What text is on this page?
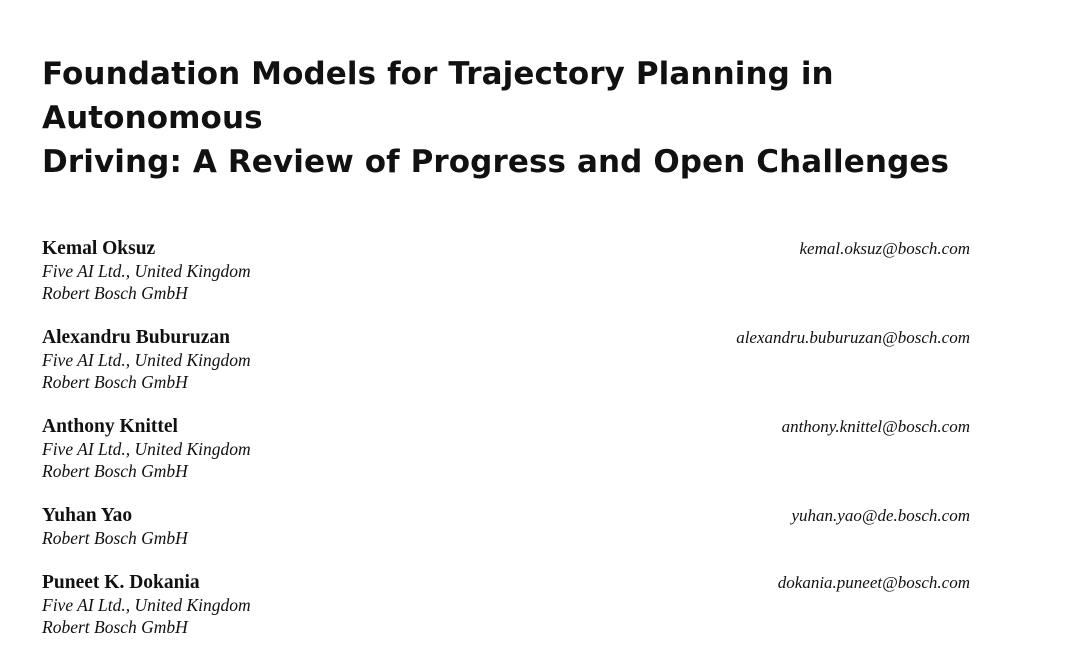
Foundation Models for Trajectory Planning in Autonomous
Driving: A Review of Progress and Open Challenges
Kemal Oksuz
Five AI Ltd., United Kingdom
Robert Bosch GmbH
kemal.oksuz@bosch.com
Alexandru Buburuzan
Five AI Ltd., United Kingdom
Robert Bosch GmbH
alexandru.buburuzan@bosch.com
Anthony Knittel
Five AI Ltd., United Kingdom
Robert Bosch GmbH
anthony.knittel@bosch.com
Yuhan Yao
Robert Bosch GmbH
yuhan.yao@de.bosch.com
Puneet K. Dokania
Five AI Ltd., United Kingdom
Robert Bosch GmbH
dokania.puneet@bosch.com
